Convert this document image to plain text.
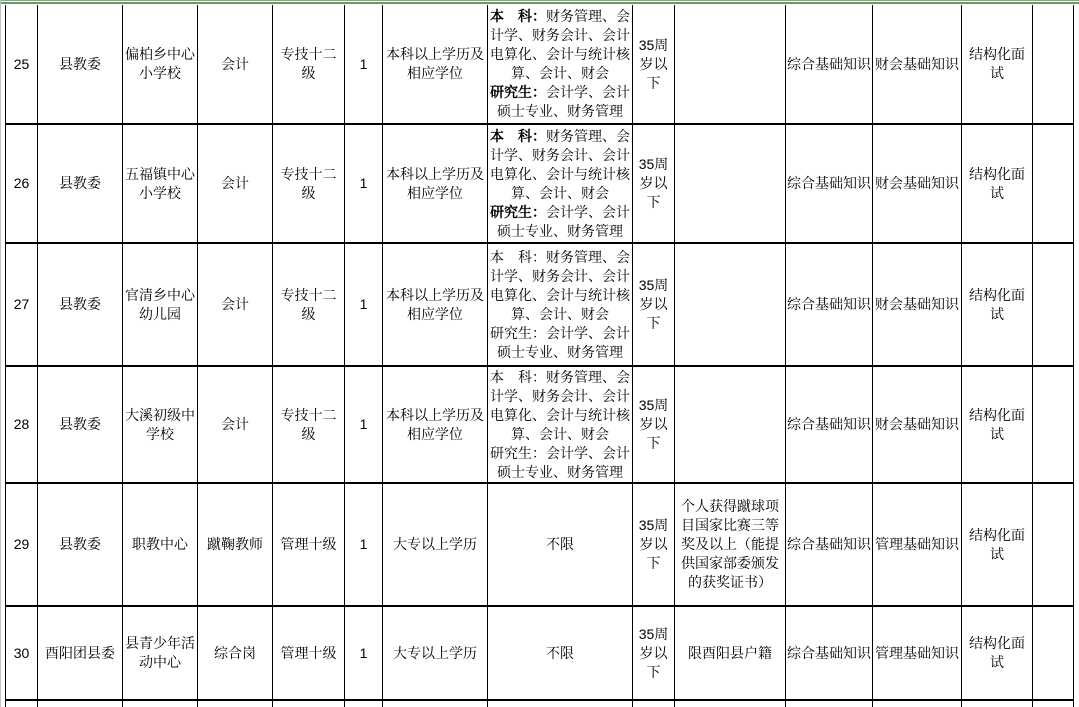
25	县教委	偏柏乡中心小学校	会计	专技十二级	1	本科以上学历及相应学位	本　科：财务管理、会计学、财务会计、会计电算化、会计与统计核算、会计、财会
研究生：会计学、会计硕士专业、财务管理	35周岁以下		综合基础知识	财会基础知识	结构化面试	
26	县教委	五福镇中心小学校	会计	专技十二级	1	本科以上学历及相应学位	本　科：财务管理、会计学、财务会计、会计电算化、会计与统计核算、会计、财会
研究生：会计学、会计硕士专业、财务管理	35周岁以下		综合基础知识	财会基础知识	结构化面试	
27	县教委	官清乡中心幼儿园	会计	专技十二级	1	本科以上学历及相应学位	本　科：财务管理、会计学、财务会计、会计电算化、会计与统计核算、会计、财会
研究生：会计学、会计硕士专业、财务管理	35周岁以下		综合基础知识	财会基础知识	结构化面试	
28	县教委	大溪初级中学校	会计	专技十二级	1	本科以上学历及相应学位	本　科：财务管理、会计学、财务会计、会计电算化、会计与统计核算、会计、财会
研究生：会计学、会计硕士专业、财务管理	35周岁以下		综合基础知识	财会基础知识	结构化面试	
29	县教委	职教中心	蹴鞠教师	管理十级	1	大专以上学历	不限	35周岁以下	个人获得蹴球项目国家比赛三等奖及以上（能提供国家部委颁发的获奖证书）	综合基础知识	管理基础知识	结构化面试	
30	酉阳团县委	县青少年活动中心	综合岗	管理十级	1	大专以上学历	不限	35周岁以下	限酉阳县户籍	综合基础知识	管理基础知识	结构化面试	
